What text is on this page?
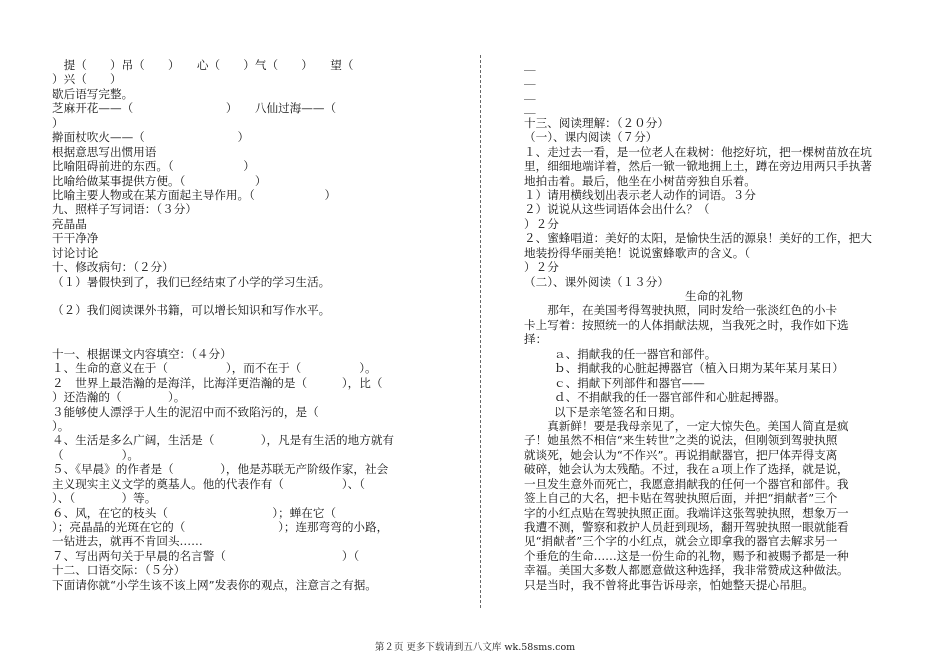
　提（　　）吊（　　）　　心（　　）气（　　）　　望（
）兴（　　）
歇后语写完整。
芝麻开花——（　　　　　　　　）　　八仙过海——（
）
擀面杖吹火——（　　　　　　　　）
根据意思写出惯用语
比喻阻碍前进的东西。（　　　　　　）
比喻给做某事提供方便。（　　　　　　）
比喻主要人物或在某方面起主导作用。（　　　　　　）
九、照样子写词语：（３分）
亮晶晶
干干净净
讨论讨论
十、修改病句：（２分）
（１）暑假快到了，我们已经结束了小学的学习生活。
（２）我们阅读课外书籍，可以增长知识和写作水平。
十一、根据课文内容填空：（４分）
１、生命的意义在于（　　　　　），而不在于（　　　　　）。
２　世界上最浩瀚的是海洋，比海洋更浩瀚的是（　　　），比（
）还浩瀚的（　　　　）。
３能够使人漂浮于人生的泥沼中而不致陷污的，是（
）。
４、生活是多么广阔，生活是（　　　　），凡是有生活的地方就有
（　　　　　）。
５、《早晨》的作者是（　　　　），他是苏联无产阶级作家，社会
主义现实主义文学的奠基人。他的代表作有（　　　　　）、（
）、（　　　　）等。
６、风，在它的枝头（　　　　　　　　　）；蝉在它（
）；亮晶晶的光斑在它的（　　　　　　　　）；连那弯弯的小路，
一钻进去，就再不肯回头……
７、写出两句关于早晨的名言警（　　　　　　　　　　）（
十二、口语交际：（５分）
下面请你就“小学生该不该上网”发表你的观点，注意言之有据。
＿
＿
＿
＿
十三、阅读理解：（２０分）
（一）、课内阅读（７分）
１、走过去一看，是一位老人在栽树：他挖好坑，把一棵树苗放在坑
里，细细地端详着，然后一锨一锨地拥上土，蹲在旁边用两只手执著
地拍击着。最后，他坐在小树苗旁独自乐着。
１）请用横线划出表示老人动作的词语。３分
２）说说从这些词语体会出什么？（
）２分
２、蜜蜂唱道：美好的太阳，是愉快生活的源泉！美好的工作，把大
地装扮得华丽美艳！说说蜜蜂歌声的含义。（
）２分
（二）、课外阅读（１３分）
生命的礼物
　　那年，在美国考得驾驶执照，同时发给一张淡红色的小卡
卡上写着：按照统一的人体捐献法规，当我死之时，我作如下选
择：
ａ、捐献我的任一器官和部件。
ｂ、捐献我的心脏起搏器官（植入日期为某年某月某日）
ｃ、捐献下列部件和器官——
ｄ、不捐献我的任一器官部件和心脏起搏器。
以下是亲笔签名和日期。
　　真新鲜！要是我母亲见了，一定大惊失色。美国人简直是疯
子！她虽然不相信“来生转世”之类的说法，但刚领到驾驶执照
就谈死，她会认为“不作兴”。再说捐献器官，把尸体弄得支离
破碎，她会认为太残酷。不过，我在ａ项上作了选择，就是说，
一旦发生意外而死亡，我愿意捐献我的任何一个器官和部件。我
签上自己的大名，把卡贴在驾驶执照后面，并把“捐献者”三个
字的小红点贴在驾驶执照正面。我端详这张驾驶执照，想象万一
我遭不测，警察和救护人员赶到现场，翻开驾驶执照一眼就能看
见“捐献者”三个字的小红点，就会立即拿我的器官去解求另一
个垂危的生命……这是一份生命的礼物，赐予和被赐予都是一种
幸福。美国大多数人都愿意做这种选择，我非常赞成这种做法。
只是当时，我不曾将此事告诉母亲，怕她整天提心吊胆。
第２页 更多下载请到五八文库 wk.58sms.com
